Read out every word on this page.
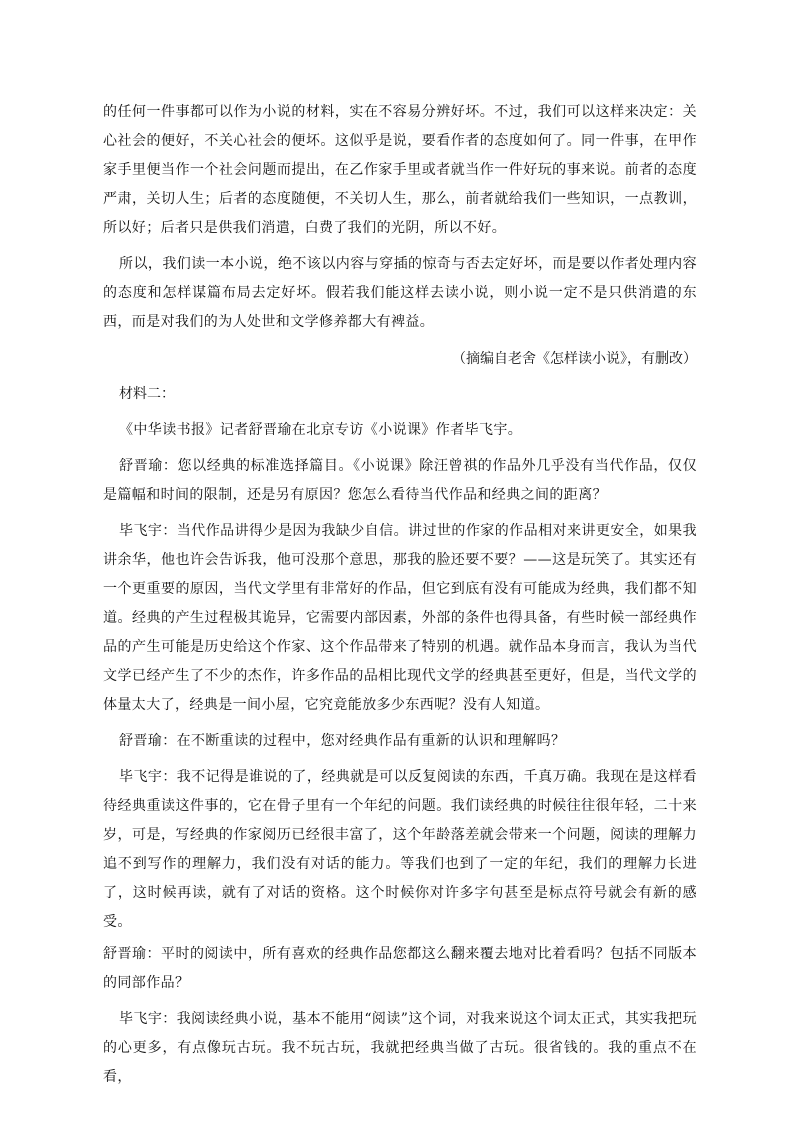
的任何一件事都可以作为小说的材料，实在不容易分辨好坏。不过，我们可以这样来决定：关心社会的便好，不关心社会的便坏。这似乎是说，要看作者的态度如何了。同一件事，在甲作家手里便当作一个社会问题而提出，在乙作家手里或者就当作一件好玩的事来说。前者的态度严肃，关切人生；后者的态度随便，不关切人生，那么，前者就给我们一些知识，一点教训，所以好；后者只是供我们消遣，白费了我们的光阴，所以不好。

所以，我们读一本小说，绝不该以内容与穿插的惊奇与否去定好坏，而是要以作者处理内容的态度和怎样谋篇布局去定好坏。假若我们能这样去读小说，则小说一定不是只供消遣的东西，而是对我们的为人处世和文学修养都大有裨益。

（摘编自老舍《怎样读小说》，有删改）

材料二：

《中华读书报》记者舒晋瑜在北京专访《小说课》作者毕飞宇。

舒晋瑜：您以经典的标准选择篇目。《小说课》除汪曾祺的作品外几乎没有当代作品，仅仅是篇幅和时间的限制，还是另有原因？您怎么看待当代作品和经典之间的距离？

毕飞宇：当代作品讲得少是因为我缺少自信。讲过世的作家的作品相对来讲更安全，如果我讲余华，他也许会告诉我，他可没那个意思，那我的脸还要不要？——这是玩笑了。其实还有一个更重要的原因，当代文学里有非常好的作品，但它到底有没有可能成为经典，我们都不知道。经典的产生过程极其诡异，它需要内部因素，外部的条件也得具备，有些时候一部经典作品的产生可能是历史给这个作家、这个作品带来了特别的机遇。就作品本身而言，我认为当代文学已经产生了不少的杰作，许多作品的品相比现代文学的经典甚至更好，但是，当代文学的体量太大了，经典是一间小屋，它究竟能放多少东西呢？没有人知道。

舒晋瑜：在不断重读的过程中，您对经典作品有重新的认识和理解吗？

毕飞宇：我不记得是谁说的了，经典就是可以反复阅读的东西，千真万确。我现在是这样看待经典重读这件事的，它在骨子里有一个年纪的问题。我们读经典的时候往往很年轻，二十来岁，可是，写经典的作家阅历已经很丰富了，这个年龄落差就会带来一个问题，阅读的理解力追不到写作的理解力，我们没有对话的能力。等我们也到了一定的年纪，我们的理解力长进了，这时候再读，就有了对话的资格。这个时候你对许多字句甚至是标点符号就会有新的感受。

舒晋瑜：平时的阅读中，所有喜欢的经典作品您都这么翻来覆去地对比着看吗？包括不同版本的同部作品？

毕飞宇：我阅读经典小说，基本不能用“阅读”这个词，对我来说这个词太正式，其实我把玩的心更多，有点像玩古玩。我不玩古玩，我就把经典当做了古玩。很省钱的。我的重点不在看，
